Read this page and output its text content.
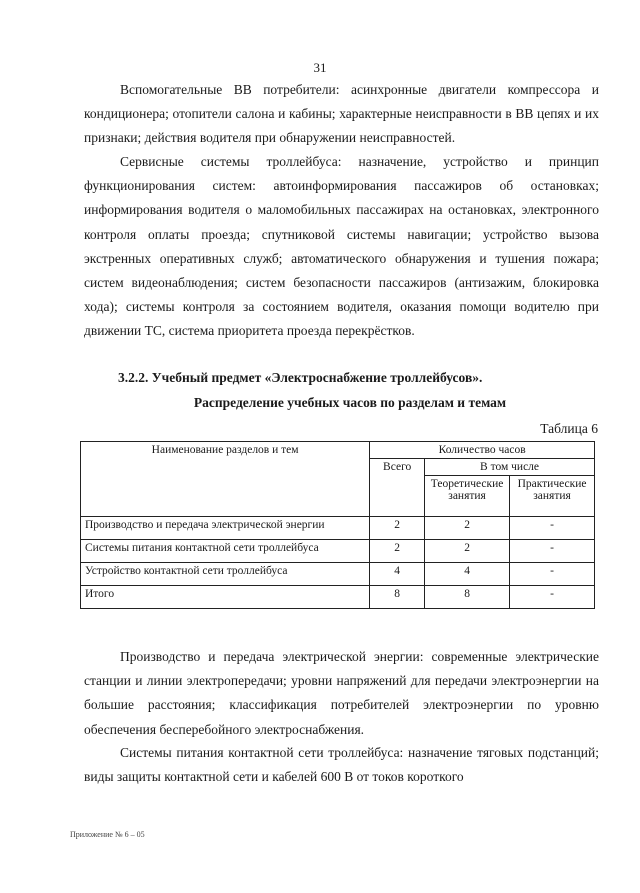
31
Вспомогательные ВВ потребители: асинхронные двигатели компрессора и кондиционера; отопители салона и кабины; характерные неисправности в ВВ цепях и их признаки; действия водителя при обнаружении неисправностей.
Сервисные системы троллейбуса: назначение, устройство и принцип функционирования систем: автоинформирования пассажиров об остановках; информирования водителя о маломобильных пассажирах на остановках, электронного контроля оплаты проезда; спутниковой системы навигации; устройство вызова экстренных оперативных служб; автоматического обнаружения и тушения пожара; систем видеонаблюдения; систем безопасности пассажиров (антизажим, блокировка хода); системы контроля за состоянием водителя, оказания помощи водителю при движении ТС, система приоритета проезда перекрёстков.
3.2.2. Учебный предмет «Электроснабжение троллейбусов».
Распределение учебных часов по разделам и темам
Таблица 6
Наименование разделов и тем	Количество часов		
	Всего	В том числе	
		Теоретические занятия	Практические занятия
Производство и передача электрической энергии	2	2	-
Системы питания контактной сети троллейбуса	2	2	-
Устройство контактной сети троллейбуса	4	4	-
Итого	8	8	-
Производство и передача электрической энергии: современные электрические станции и линии электропередачи; уровни напряжений для передачи электроэнергии на большие расстояния; классификация потребителей электроэнергии по уровню обеспечения бесперебойного электроснабжения.
Системы питания контактной сети троллейбуса: назначение тяговых подстанций; виды защиты контактной сети и кабелей 600 В от токов короткого
Приложение № 6 – 05
